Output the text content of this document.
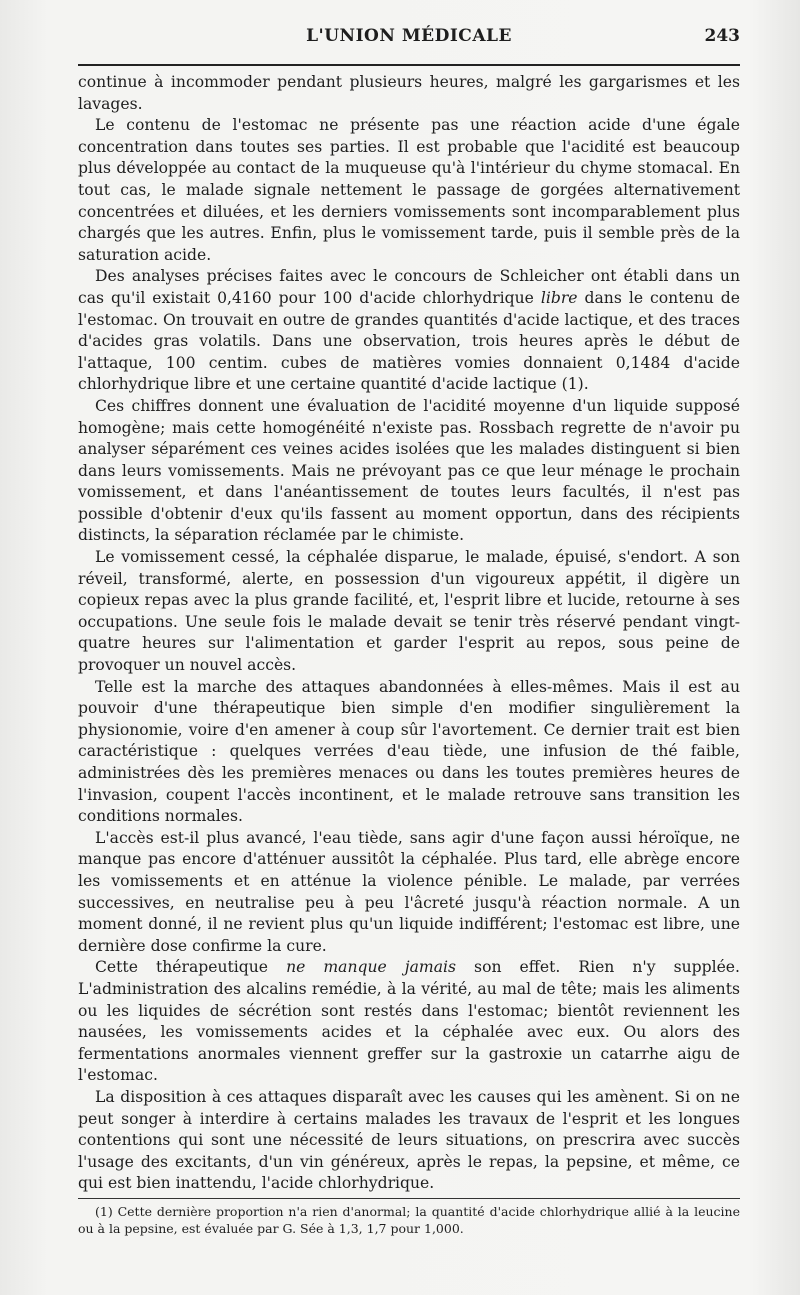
L'UNION MÉDICALE	243

continue à incommoder pendant plusieurs heures, malgré les gargarismes et les lavages.

Le contenu de l'estomac ne présente pas une réaction acide d'une égale concentration dans toutes ses parties. Il est probable que l'acidité est beaucoup plus développée au contact de la muqueuse qu'à l'intérieur du chyme stomacal. En tout cas, le malade signale nettement le passage de gorgées alternativement concentrées et diluées, et les derniers vomissements sont incomparablement plus chargés que les autres. Enfin, plus le vomissement tarde, puis il semble près de la saturation acide.

Des analyses précises faites avec le concours de Schleicher ont établi dans un cas qu'il existait 0,4160 pour 100 d'acide chlorhydrique libre dans le contenu de l'estomac. On trouvait en outre de grandes quantités d'acide lactique, et des traces d'acides gras volatils. Dans une observation, trois heures après le début de l'attaque, 100 centim. cubes de matières vomies donnaient 0,1484 d'acide chlorhydrique libre et une certaine quantité d'acide lactique (1).

Ces chiffres donnent une évaluation de l'acidité moyenne d'un liquide supposé homogène; mais cette homogénéité n'existe pas. Rossbach regrette de n'avoir pu analyser séparément ces veines acides isolées que les malades distinguent si bien dans leurs vomissements. Mais ne prévoyant pas ce que leur ménage le prochain vomissement, et dans l'anéantissement de toutes leurs facultés, il n'est pas possible d'obtenir d'eux qu'ils fassent au moment opportun, dans des récipients distincts, la séparation réclamée par le chimiste.

Le vomissement cessé, la céphalée disparue, le malade, épuisé, s'endort. A son réveil, transformé, alerte, en possession d'un vigoureux appétit, il digère un copieux repas avec la plus grande facilité, et, l'esprit libre et lucide, retourne à ses occupations. Une seule fois le malade devait se tenir très réservé pendant vingt-quatre heures sur l'alimentation et garder l'esprit au repos, sous peine de provoquer un nouvel accès.

Telle est la marche des attaques abandonnées à elles-mêmes. Mais il est au pouvoir d'une thérapeutique bien simple d'en modifier singulièrement la physionomie, voire d'en amener à coup sûr l'avortement. Ce dernier trait est bien caractéristique : quelques verrées d'eau tiède, une infusion de thé faible, administrées dès les premières menaces ou dans les toutes premières heures de l'invasion, coupent l'accès incontinent, et le malade retrouve sans transition les conditions normales.

L'accès est-il plus avancé, l'eau tiède, sans agir d'une façon aussi héroïque, ne manque pas encore d'atténuer aussitôt la céphalée. Plus tard, elle abrège encore les vomissements et en atténue la violence pénible. Le malade, par verrées successives, en neutralise peu à peu l'âcreté jusqu'à réaction normale. A un moment donné, il ne revient plus qu'un liquide indifférent; l'estomac est libre, une dernière dose confirme la cure.

Cette thérapeutique ne manque jamais son effet. Rien n'y supplée. L'administration des alcalins remédie, à la vérité, au mal de tête; mais les aliments ou les liquides de sécrétion sont restés dans l'estomac; bientôt reviennent les nausées, les vomissements acides et la céphalée avec eux. Ou alors des fermentations anormales viennent greffer sur la gastroxie un catarrhe aigu de l'estomac.

La disposition à ces attaques disparaît avec les causes qui les amènent. Si on ne peut songer à interdire à certains malades les travaux de l'esprit et les longues contentions qui sont une nécessité de leurs situations, on prescrira avec succès l'usage des excitants, d'un vin généreux, après le repas, la pepsine, et même, ce qui est bien inattendu, l'acide chlorhydrique.

(1) Cette dernière proportion n'a rien d'anormal; la quantité d'acide chlorhydrique allié à la leucine ou à la pepsine, est évaluée par G. Sée à 1,3, 1,7 pour 1,000.
